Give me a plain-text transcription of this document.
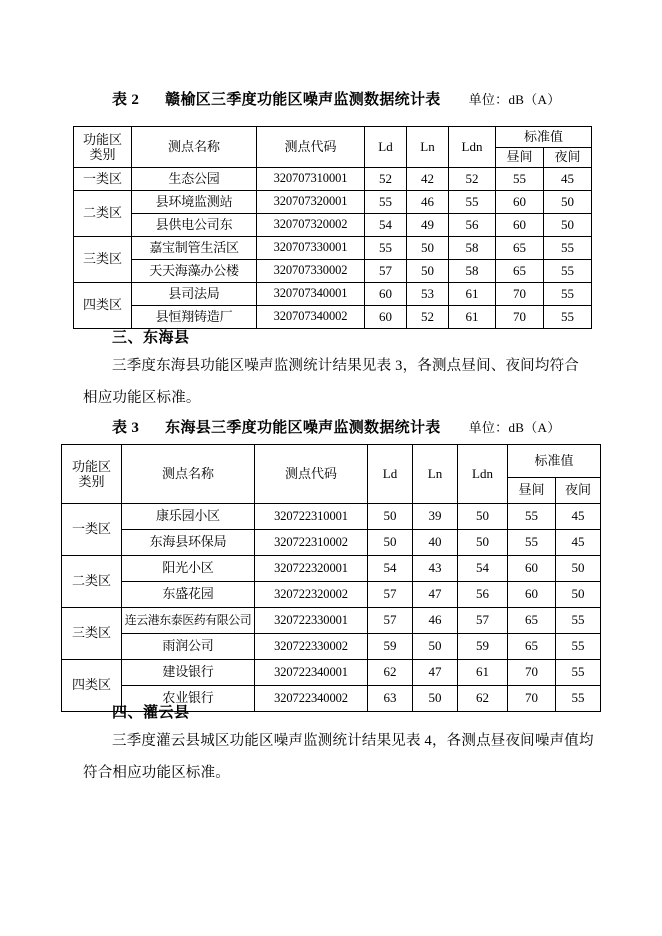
表 2 赣榆区三季度功能区噪声监测数据统计表 单位：dB（A）
功能区
类别	测点名称	测点代码	Ld	Ln	Ldn	标准值	
						昼间	夜间
一类区	生态公园	320707310001	52	42	52	55	45
二类区	县环境监测站	320707320001	55	46	55	60	50
	县供电公司东	320707320002	54	49	56	60	50
三类区	嘉宝制管生活区	320707330001	55	50	58	65	55
	天天海藻办公楼	320707330002	57	50	58	65	55
四类区	县司法局	320707340001	60	53	61	70	55
	县恒翔铸造厂	320707340002	60	52	61	70	55
三、东海县
三季度东海县功能区噪声监测统计结果见表 3，各测点昼间、夜间均符合相应功能区标准。
表 3 东海县三季度功能区噪声监测数据统计表 单位：dB（A）
功能区
类别	测点名称	测点代码	Ld	Ln	Ldn	标准值	
						昼间	夜间
一类区	康乐园小区	320722310001	50	39	50	55	45
	东海县环保局	320722310002	50	40	50	55	45
二类区	阳光小区	320722320001	54	43	54	60	50
	东盛花园	320722320002	57	47	56	60	50
三类区	连云港东泰医药有限公司	320722330001	57	46	57	65	55
	雨润公司	320722330002	59	50	59	65	55
四类区	建设银行	320722340001	62	47	61	70	55
	农业银行	320722340002	63	50	62	70	55
四、灌云县
三季度灌云县城区功能区噪声监测统计结果见表 4，各测点昼夜间噪声值均符合相应功能区标准。
